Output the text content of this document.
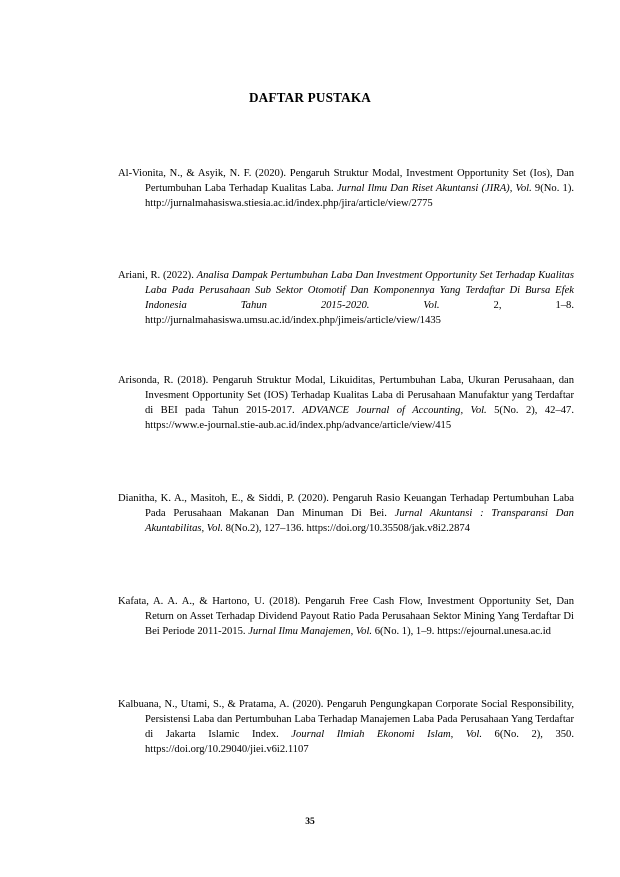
DAFTAR PUSTAKA
Al-Vionita, N., & Asyik, N. F. (2020). Pengaruh Struktur Modal, Investment Opportunity Set (Ios), Dan Pertumbuhan Laba Terhadap Kualitas Laba. Jurnal Ilmu Dan Riset Akuntansi (JIRA), Vol. 9(No. 1). http://jurnalmahasiswa.stiesia.ac.id/index.php/jira/article/view/2775
Ariani, R. (2022). Analisa Dampak Pertumbuhan Laba Dan Investment Opportunity Set Terhadap Kualitas Laba Pada Perusahaan Sub Sektor Otomotif Dan Komponennya Yang Terdaftar Di Bursa Efek Indonesia Tahun 2015-2020. Vol.	2, 1–8. http://jurnalmahasiswa.umsu.ac.id/index.php/jimeis/article/view/1435
Arisonda, R. (2018). Pengaruh Struktur Modal, Likuiditas, Pertumbuhan Laba, Ukuran Perusahaan, dan Invesment Opportunity Set (IOS) Terhadap Kualitas Laba di Perusahaan Manufaktur yang Terdaftar di BEI pada Tahun 2015-2017. ADVANCE Journal of Accounting, Vol. 5(No. 2), 42–47. https://www.e-journal.stie-aub.ac.id/index.php/advance/article/view/415
Dianitha, K. A., Masitoh, E., & Siddi, P. (2020). Pengaruh Rasio Keuangan Terhadap Pertumbuhan Laba Pada Perusahaan Makanan Dan Minuman Di Bei. Jurnal Akuntansi : Transparansi Dan Akuntabilitas, Vol. 8(No.2), 127–136. https://doi.org/10.35508/jak.v8i2.2874
Kafata, A. A. A., & Hartono, U. (2018). Pengaruh Free Cash Flow, Investment Opportunity Set, Dan Return on Asset Terhadap Dividend Payout Ratio Pada Perusahaan Sektor Mining Yang Terdaftar Di Bei Periode 2011-2015. Jurnal Ilmu Manajemen, Vol. 6(No. 1), 1–9. https://ejournal.unesa.ac.id
Kalbuana, N., Utami, S., & Pratama, A. (2020). Pengaruh Pengungkapan Corporate Social Responsibility, Persistensi Laba dan Pertumbuhan Laba Terhadap Manajemen Laba Pada Perusahaan Yang Terdaftar di Jakarta Islamic Index. Journal Ilmiah Ekonomi Islam, Vol. 6(No. 2), 350. https://doi.org/10.29040/jiei.v6i2.1107
35
